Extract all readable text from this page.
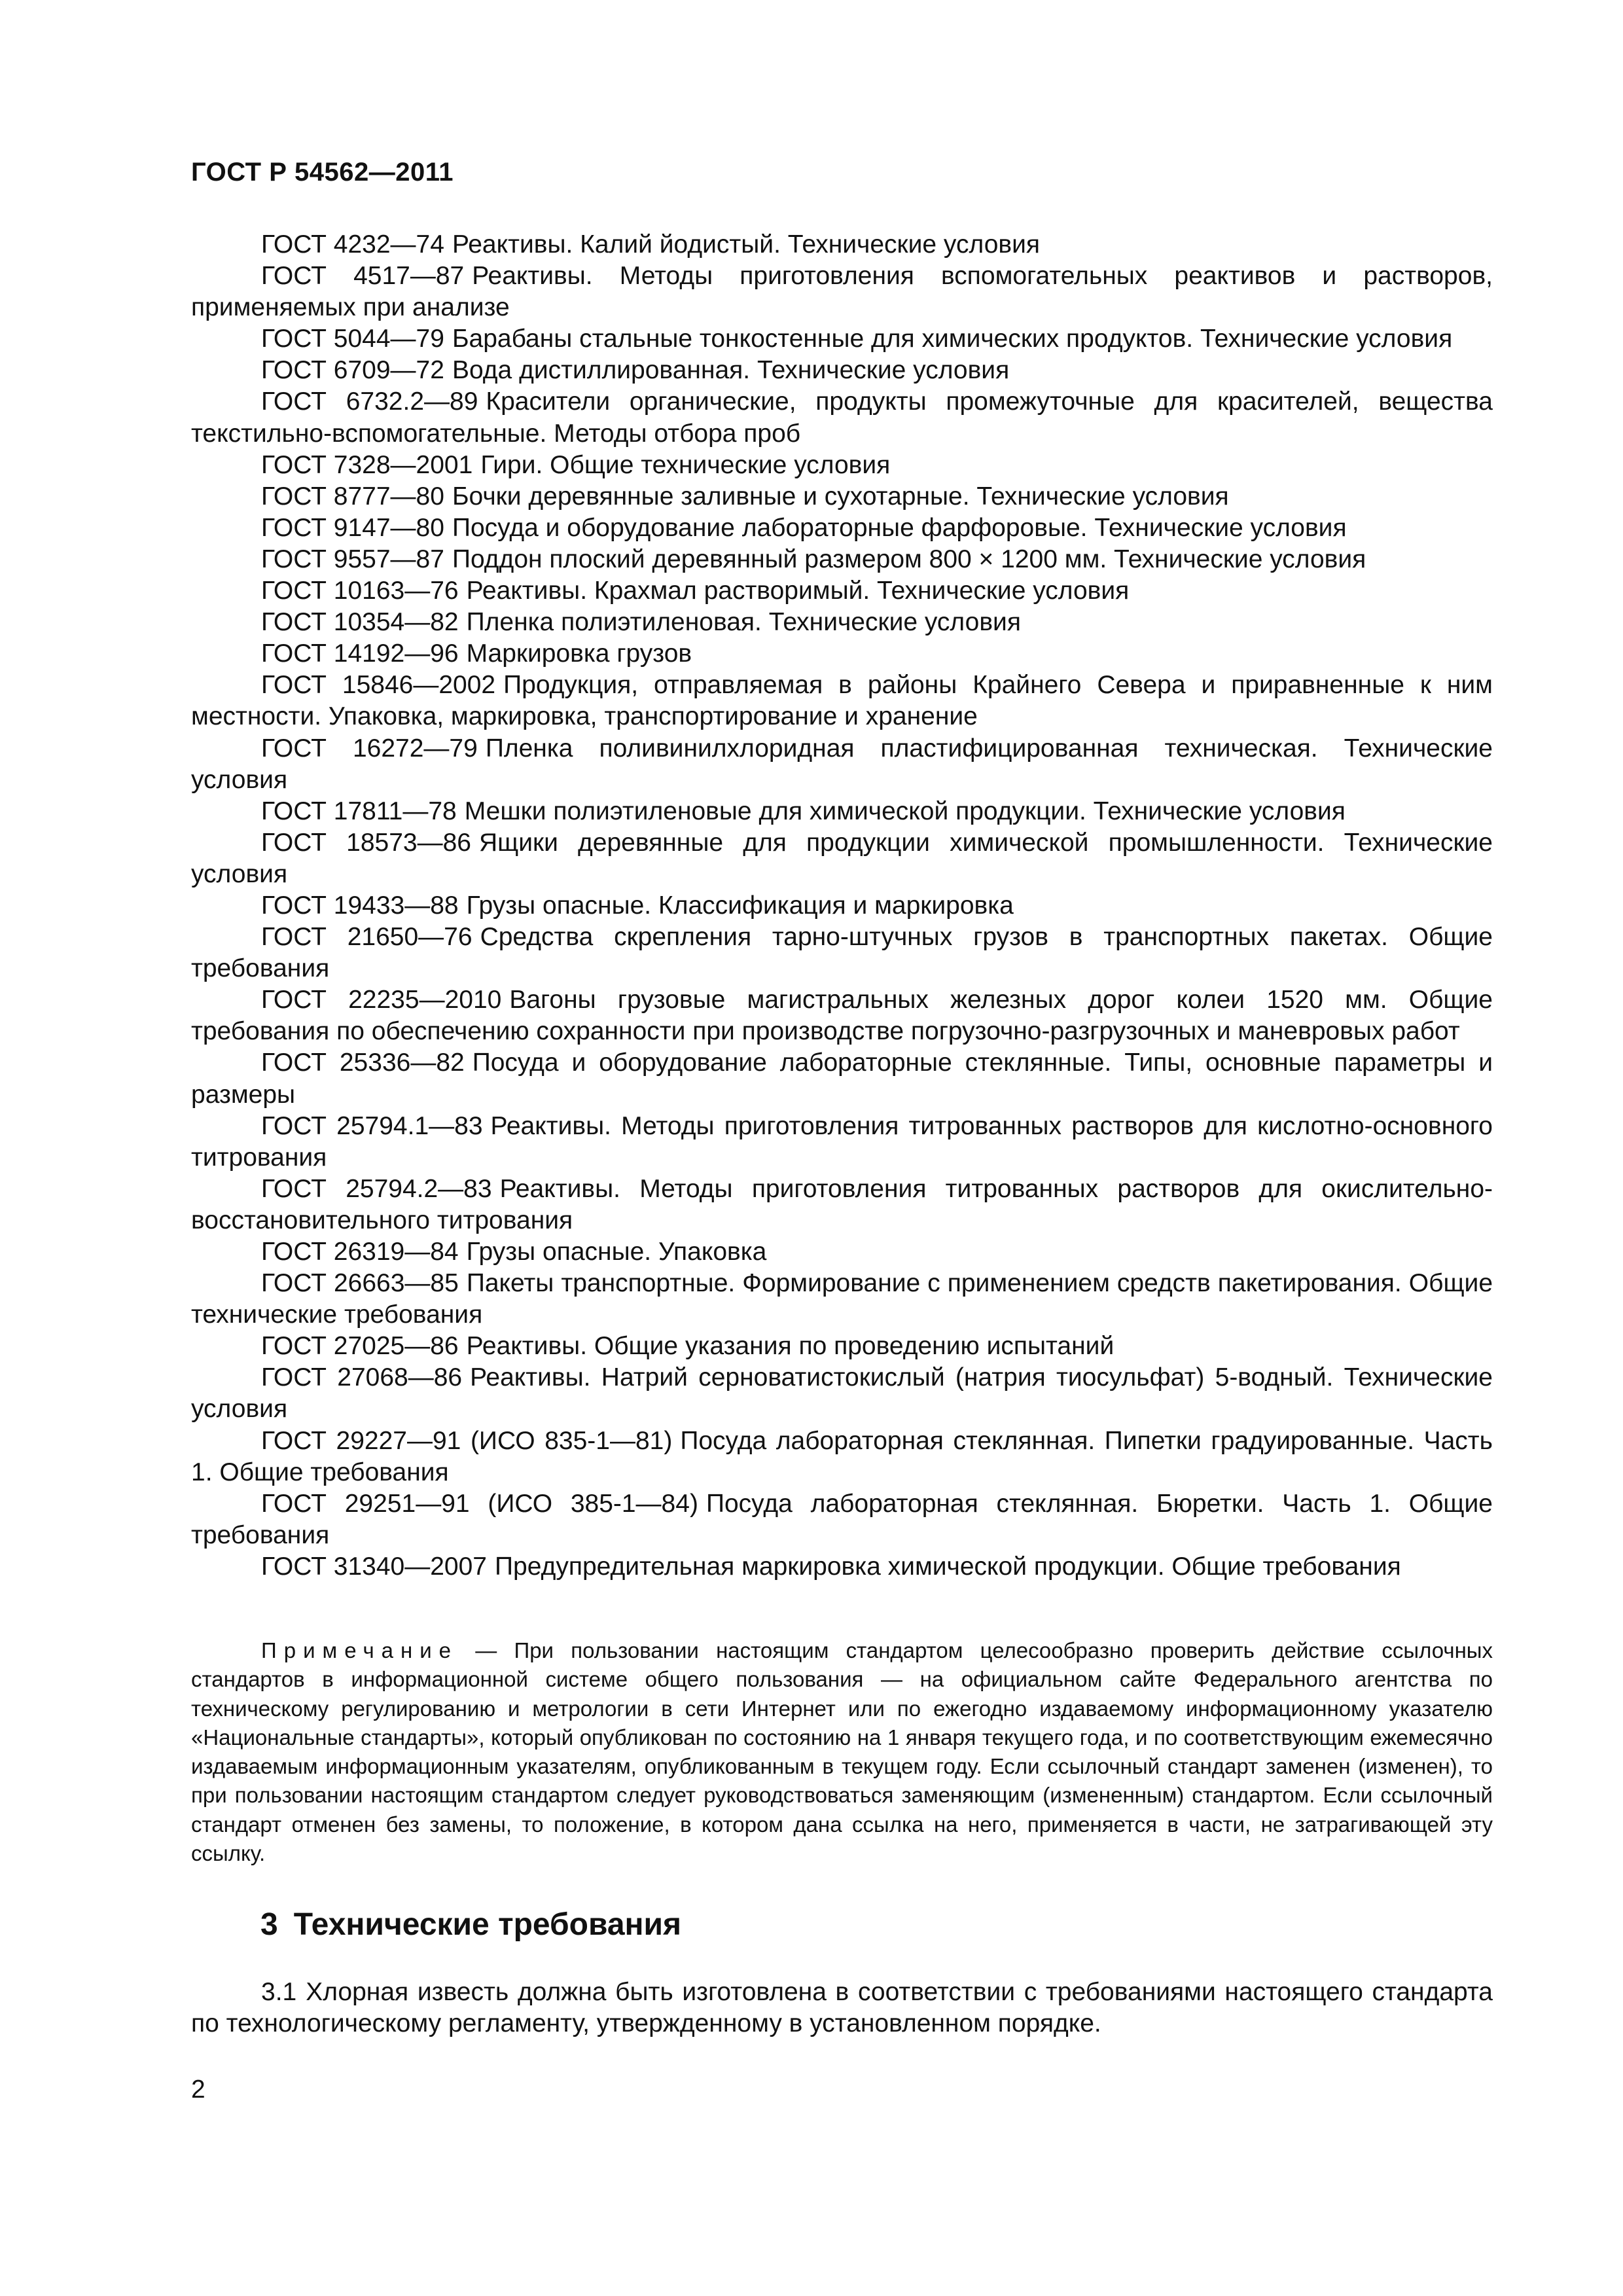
ГОСТ Р 54562—2011

ГОСТ 4232—74 Реактивы. Калий йодистый. Технические условия

ГОСТ 4517—87 Реактивы. Методы приготовления вспомогательных реактивов и растворов, применяемых при анализе

ГОСТ 5044—79 Барабаны стальные тонкостенные для химических продуктов. Технические условия

ГОСТ 6709—72 Вода дистиллированная. Технические условия

ГОСТ 6732.2—89 Красители органические, продукты промежуточные для красителей, вещества текстильно-вспомогательные. Методы отбора проб

ГОСТ 7328—2001 Гири. Общие технические условия

ГОСТ 8777—80 Бочки деревянные заливные и сухотарные. Технические условия

ГОСТ 9147—80 Посуда и оборудование лабораторные фарфоровые. Технические условия

ГОСТ 9557—87 Поддон плоский деревянный размером 800 × 1200 мм. Технические условия

ГОСТ 10163—76 Реактивы. Крахмал растворимый. Технические условия

ГОСТ 10354—82 Пленка полиэтиленовая. Технические условия

ГОСТ 14192—96 Маркировка грузов

ГОСТ 15846—2002 Продукция, отправляемая в районы Крайнего Севера и приравненные к ним местности. Упаковка, маркировка, транспортирование и хранение

ГОСТ 16272—79 Пленка поливинилхлоридная пластифицированная техническая. Технические условия

ГОСТ 17811—78 Мешки полиэтиленовые для химической продукции. Технические условия

ГОСТ 18573—86 Ящики деревянные для продукции химической промышленности. Технические условия

ГОСТ 19433—88 Грузы опасные. Классификация и маркировка

ГОСТ 21650—76 Средства скрепления тарно-штучных грузов в транспортных пакетах. Общие требования

ГОСТ 22235—2010 Вагоны грузовые магистральных железных дорог колеи 1520 мм. Общие требования по обеспечению сохранности при производстве погрузочно-разгрузочных и маневровых работ

ГОСТ 25336—82 Посуда и оборудование лабораторные стеклянные. Типы, основные параметры и размеры

ГОСТ 25794.1—83 Реактивы. Методы приготовления титрованных растворов для кислотно-основного титрования

ГОСТ 25794.2—83 Реактивы. Методы приготовления титрованных растворов для окислительно-восстановительного титрования

ГОСТ 26319—84 Грузы опасные. Упаковка

ГОСТ 26663—85 Пакеты транспортные. Формирование с применением средств пакетирования. Общие технические требования

ГОСТ 27025—86 Реактивы. Общие указания по проведению испытаний

ГОСТ 27068—86 Реактивы. Натрий серноватистокислый (натрия тиосульфат) 5-водный. Технические условия

ГОСТ 29227—91 (ИСО 835-1—81) Посуда лабораторная стеклянная. Пипетки градуированные. Часть 1. Общие требования

ГОСТ 29251—91 (ИСО 385-1—84) Посуда лабораторная стеклянная. Бюретки. Часть 1. Общие требования

ГОСТ 31340—2007 Предупредительная маркировка химической продукции. Общие требования

Примечание — При пользовании настоящим стандартом целесообразно проверить действие ссылочных стандартов в информационной системе общего пользования — на официальном сайте Федерального агентства по техническому регулированию и метрологии в сети Интернет или по ежегодно издаваемому информационному указателю «Национальные стандарты», который опубликован по состоянию на 1 января текущего года, и по соответствующим ежемесячно издаваемым информационным указателям, опубликованным в текущем году. Если ссылочный стандарт заменен (изменен), то при пользовании настоящим стандартом следует руководствоваться заменяющим (измененным) стандартом. Если ссылочный стандарт отменен без замены, то положение, в котором дана ссылка на него, применяется в части, не затрагивающей эту ссылку.
3 Технические требования
3.1 Хлорная известь должна быть изготовлена в соответствии с требованиями настоящего стандарта по технологическому регламенту, утвержденному в установленном порядке.
2
